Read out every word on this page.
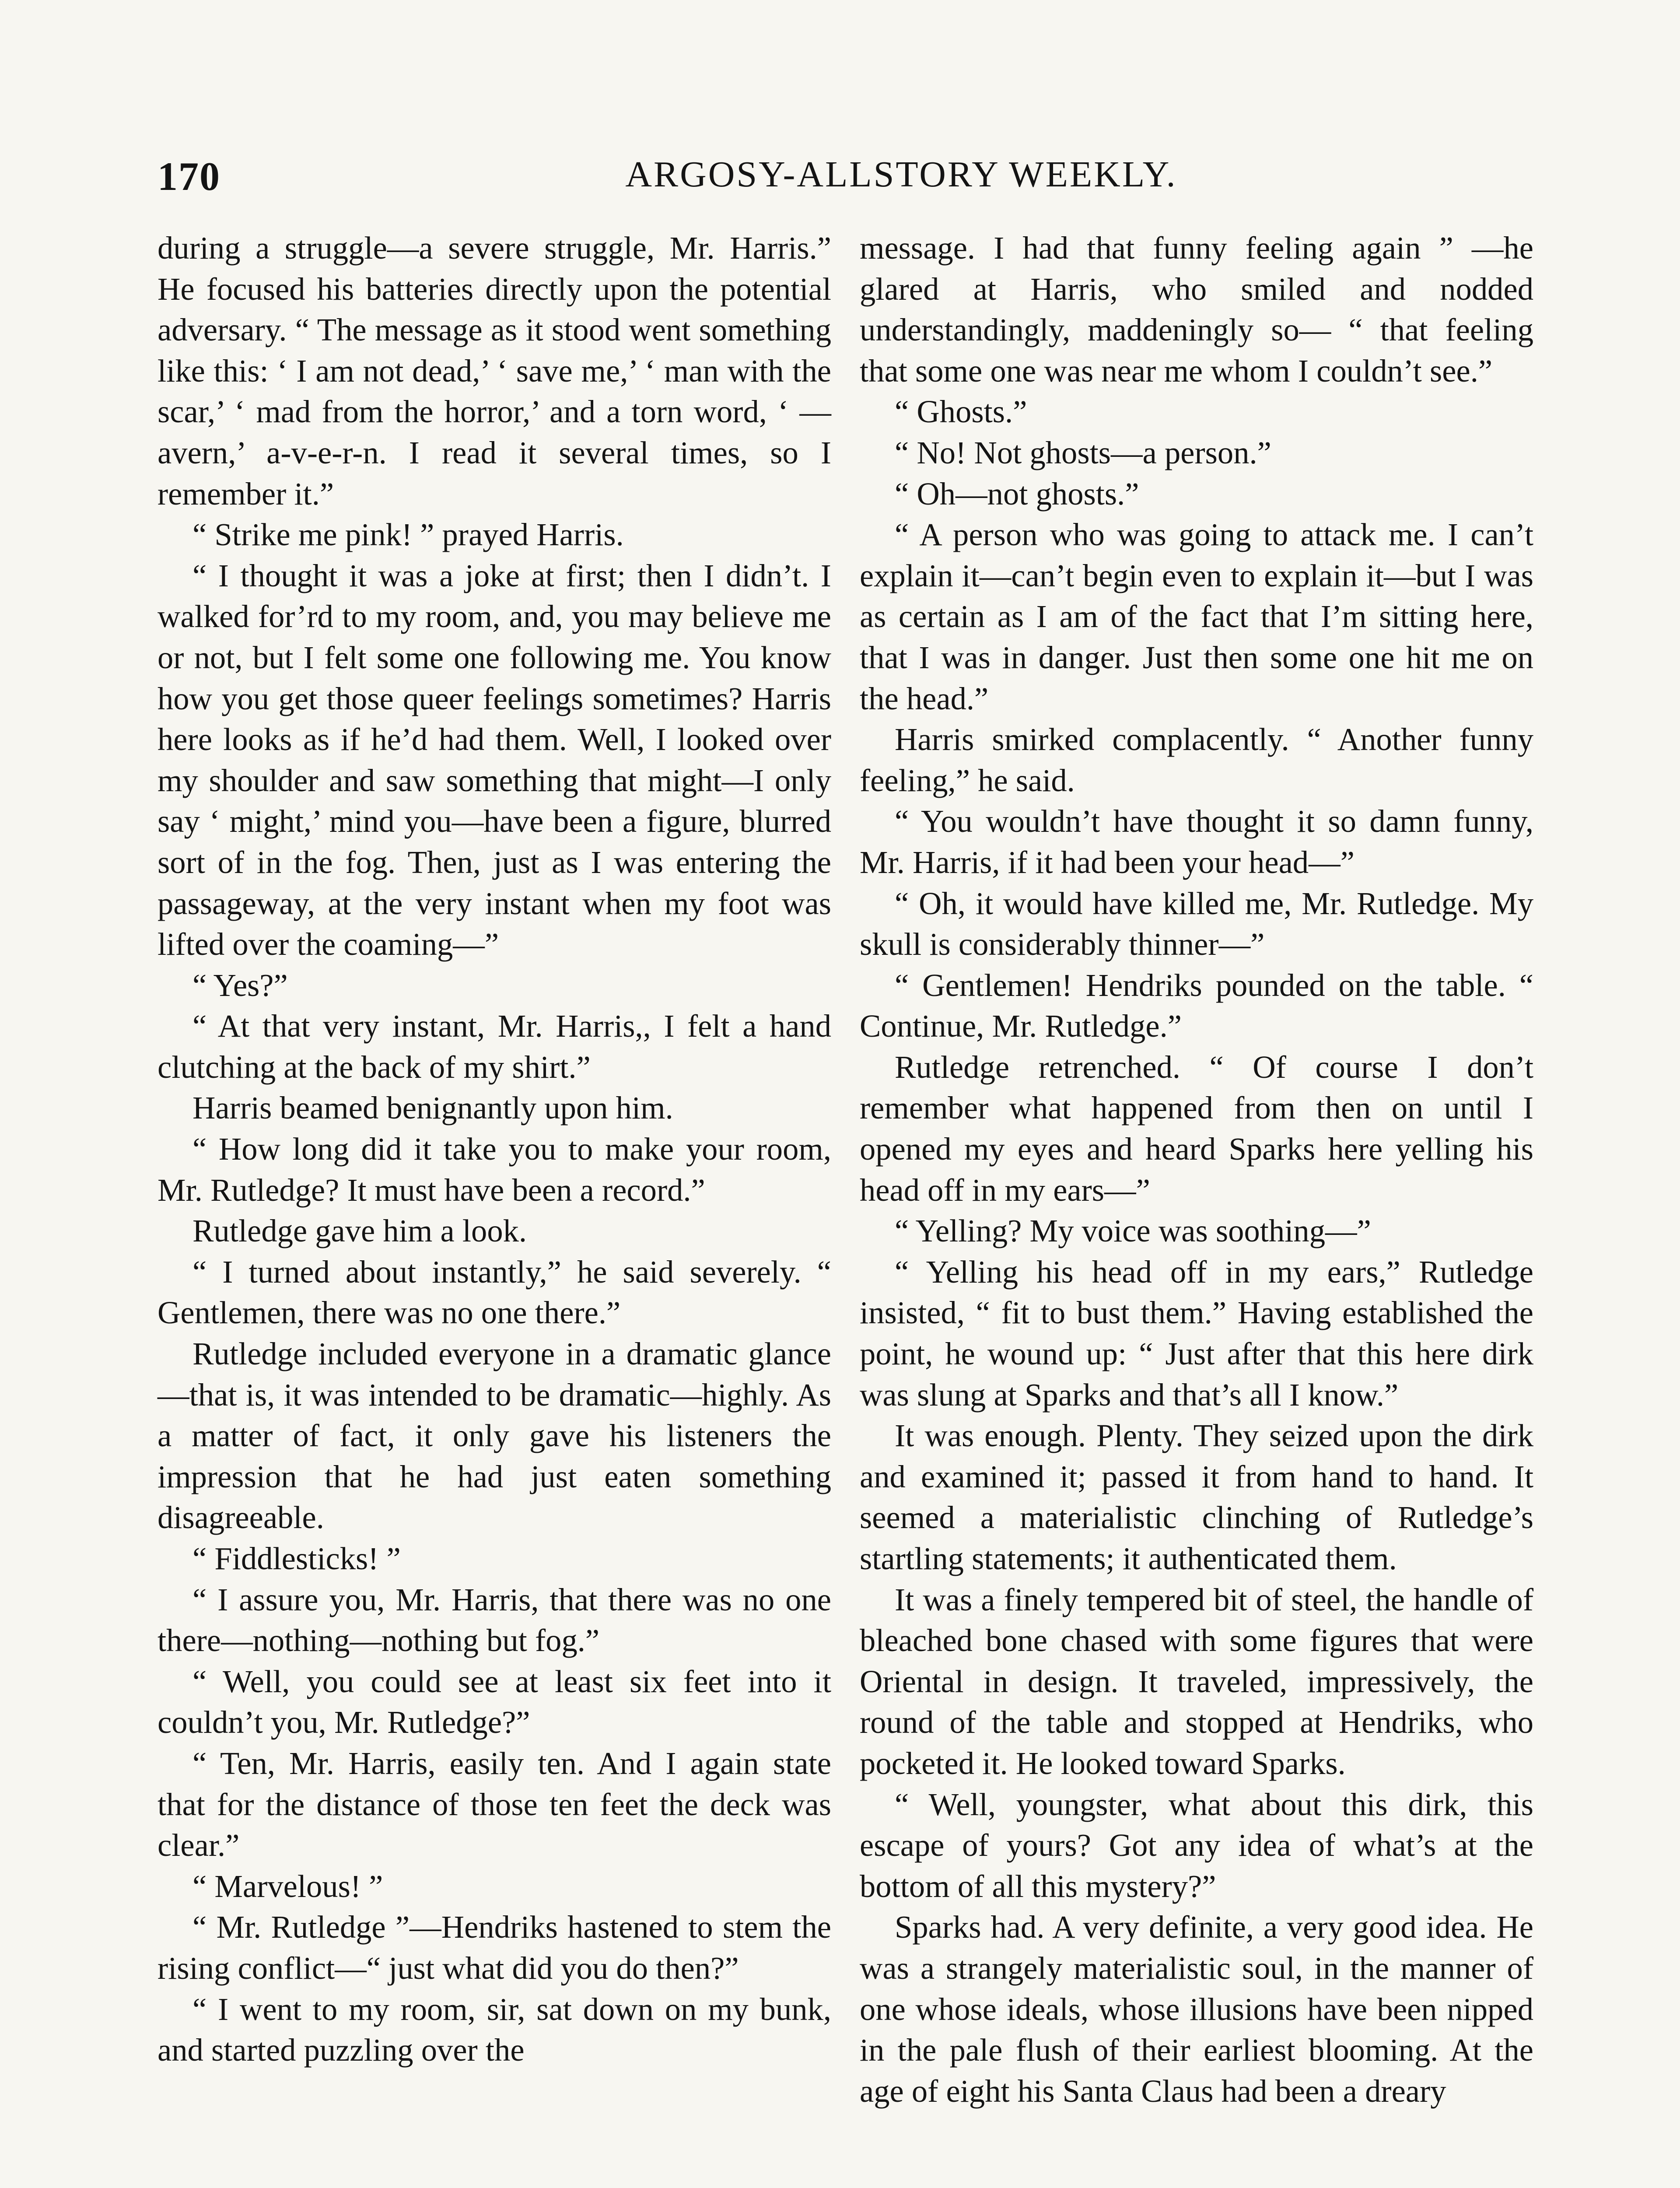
170	ARGOSY-ALLSTORY WEEKLY.

during a struggle—a severe struggle, Mr. Harris.” He focused his batteries directly upon the potential adversary. “ The message as it stood went something like this: ‘ I am not dead,’ ‘ save me,’ ‘ man with the scar,’ ‘ mad from the horror,’ and a torn word, ‘ —avern,’ a-v-e-r-n. I read it several times, so I remember it.”

“ Strike me pink! ” prayed Harris.

“ I thought it was a joke at first; then I didn’t. I walked for’rd to my room, and, you may believe me or not, but I felt some one following me. You know how you get those queer feelings sometimes? Harris here looks as if he’d had them. Well, I looked over my shoulder and saw something that might—I only say ‘ might,’ mind you—have been a figure, blurred sort of in the fog. Then, just as I was entering the passageway, at the very instant when my foot was lifted over the coaming—”

“ Yes?”

“ At that very instant, Mr. Harris,, I felt a hand clutching at the back of my shirt.”

Harris beamed benignantly upon him.

“ How long did it take you to make your room, Mr. Rutledge? It must have been a record.”

Rutledge gave him a look.

“ I turned about instantly,” he said severely. “ Gentlemen, there was no one there.”

Rutledge included everyone in a dramatic glance—that is, it was intended to be dramatic—highly. As a matter of fact, it only gave his listeners the impression that he had just eaten something disagreeable.

“ Fiddlesticks! ”

“ I assure you, Mr. Harris, that there was no one there—nothing—nothing but fog.”

“ Well, you could see at least six feet into it couldn’t you, Mr. Rutledge?”

“ Ten, Mr. Harris, easily ten. And I again state that for the distance of those ten feet the deck was clear.”

“ Marvelous! ”

“ Mr. Rutledge ”—Hendriks hastened to stem the rising conflict—“ just what did you do then?”

“ I went to my room, sir, sat down on my bunk, and started puzzling over the

message. I had that funny feeling again ” —he glared at Harris, who smiled and nodded understandingly, maddeningly so— “ that feeling that some one was near me whom I couldn’t see.”

“ Ghosts.”

“ No! Not ghosts—a person.”

“ Oh—not ghosts.”

“ A person who was going to attack me. I can’t explain it—can’t begin even to explain it—but I was as certain as I am of the fact that I’m sitting here, that I was in danger. Just then some one hit me on the head.”

Harris smirked complacently. “ Another funny feeling,” he said.

“ You wouldn’t have thought it so damn funny, Mr. Harris, if it had been your head—”

“ Oh, it would have killed me, Mr. Rutledge. My skull is considerably thinner—”

“ Gentlemen! Hendriks pounded on the table. “ Continue, Mr. Rutledge.”

Rutledge retrenched. “ Of course I don’t remember what happened from then on until I opened my eyes and heard Sparks here yelling his head off in my ears—”

“ Yelling? My voice was soothing—”

“ Yelling his head off in my ears,” Rutledge insisted, “ fit to bust them.” Having established the point, he wound up: “ Just after that this here dirk was slung at Sparks and that’s all I know.”

It was enough. Plenty. They seized upon the dirk and examined it; passed it from hand to hand. It seemed a materialistic clinching of Rutledge’s startling statements; it authenticated them.

It was a finely tempered bit of steel, the handle of bleached bone chased with some figures that were Oriental in design. It traveled, impressively, the round of the table and stopped at Hendriks, who pocketed it. He looked toward Sparks.

“ Well, youngster, what about this dirk, this escape of yours? Got any idea of what’s at the bottom of all this mystery?”

Sparks had. A very definite, a very good idea. He was a strangely materialistic soul, in the manner of one whose ideals, whose illusions have been nipped in the pale flush of their earliest blooming. At the age of eight his Santa Claus had been a dreary
